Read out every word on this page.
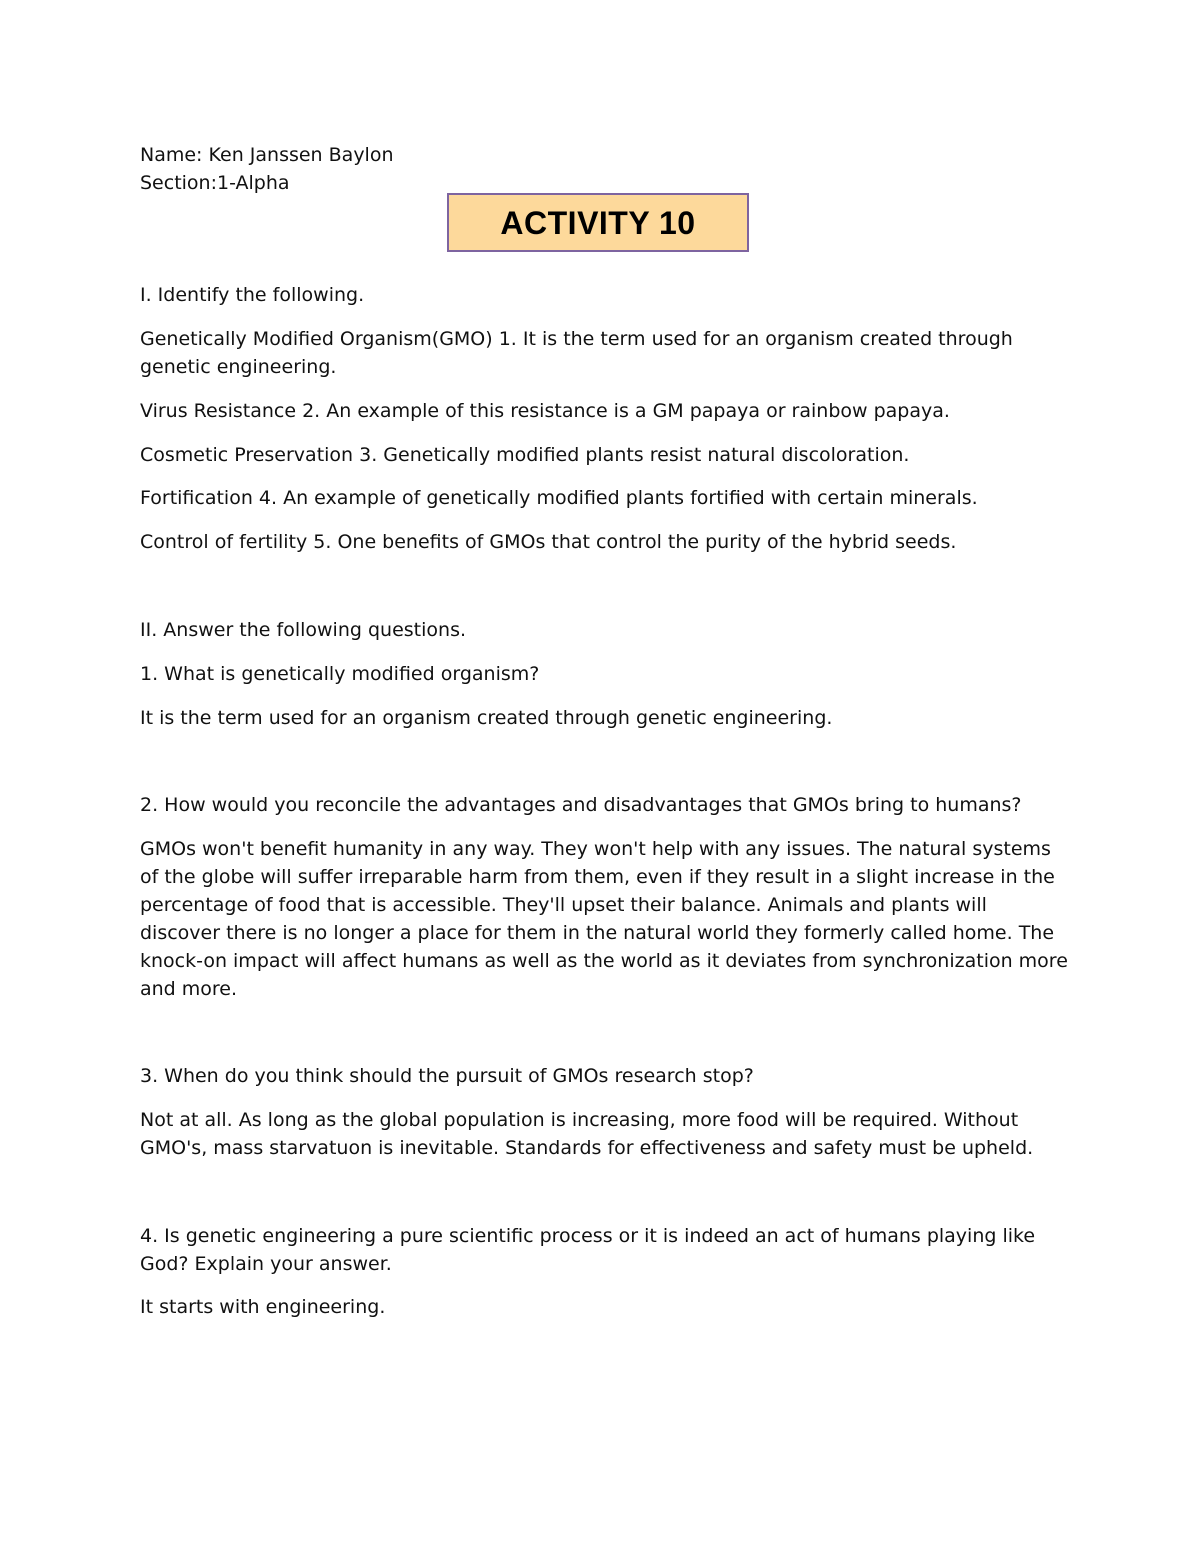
Name: Ken Janssen Baylon

Section:1-Alpha

ACTIVITY 10

I. Identify the following.

Genetically Modified Organism(GMO) 1. It is the term used for an organism created through genetic engineering.

Virus Resistance 2. An example of this resistance is a GM papaya or rainbow papaya.

Cosmetic Preservation 3. Genetically modified plants resist natural discoloration.

Fortification 4. An example of genetically modified plants fortified with certain minerals.

Control of fertility 5. One benefits of GMOs that control the purity of the hybrid seeds.

II. Answer the following questions.

1. What is genetically modified organism?

It is the term used for an organism created through genetic engineering.

2. How would you reconcile the advantages and disadvantages that GMOs bring to humans?

GMOs won't benefit humanity in any way. They won't help with any issues. The natural systems of the globe will suffer irreparable harm from them, even if they result in a slight increase in the percentage of food that is accessible. They'll upset their balance. Animals and plants will discover there is no longer a place for them in the natural world they formerly called home. The knock-on impact will affect humans as well as the world as it deviates from synchronization more and more.

3. When do you think should the pursuit of GMOs research stop?

Not at all. As long as the global population is increasing, more food will be required. Without GMO's, mass starvatuon is inevitable. Standards for effectiveness and safety must be upheld.

4. Is genetic engineering a pure scientific process or it is indeed an act of humans playing like God? Explain your answer.

It starts with engineering.
